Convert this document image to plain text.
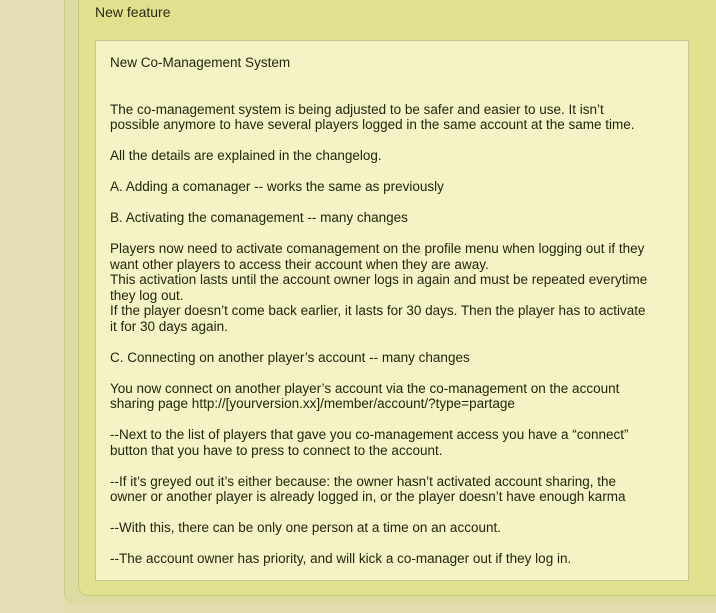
New feature

New Co-Management System

The co-management system is being adjusted to be safer and easier to use. It isn’t
possible anymore to have several players logged in the same account at the same time.

All the details are explained in the changelog.

A. Adding a comanager -- works the same as previously

B. Activating the comanagement -- many changes

Players now need to activate comanagement on the profile menu when logging out if they
want other players to access their account when they are away.
This activation lasts until the account owner logs in again and must be repeated everytime
they log out.
If the player doesn’t come back earlier, it lasts for 30 days. Then the player has to activate
it for 30 days again.

C. Connecting on another player’s account -- many changes

You now connect on another player’s account via the co-management on the account
sharing page http://[yourversion.xx]/member/account/?type=partage

--Next to the list of players that gave you co-management access you have a “connect”
button that you have to press to connect to the account.

--If it’s greyed out it’s either because: the owner hasn’t activated account sharing, the
owner or another player is already logged in, or the player doesn’t have enough karma

--With this, there can be only one person at a time on an account.

--The account owner has priority, and will kick a co-manager out if they log in.
